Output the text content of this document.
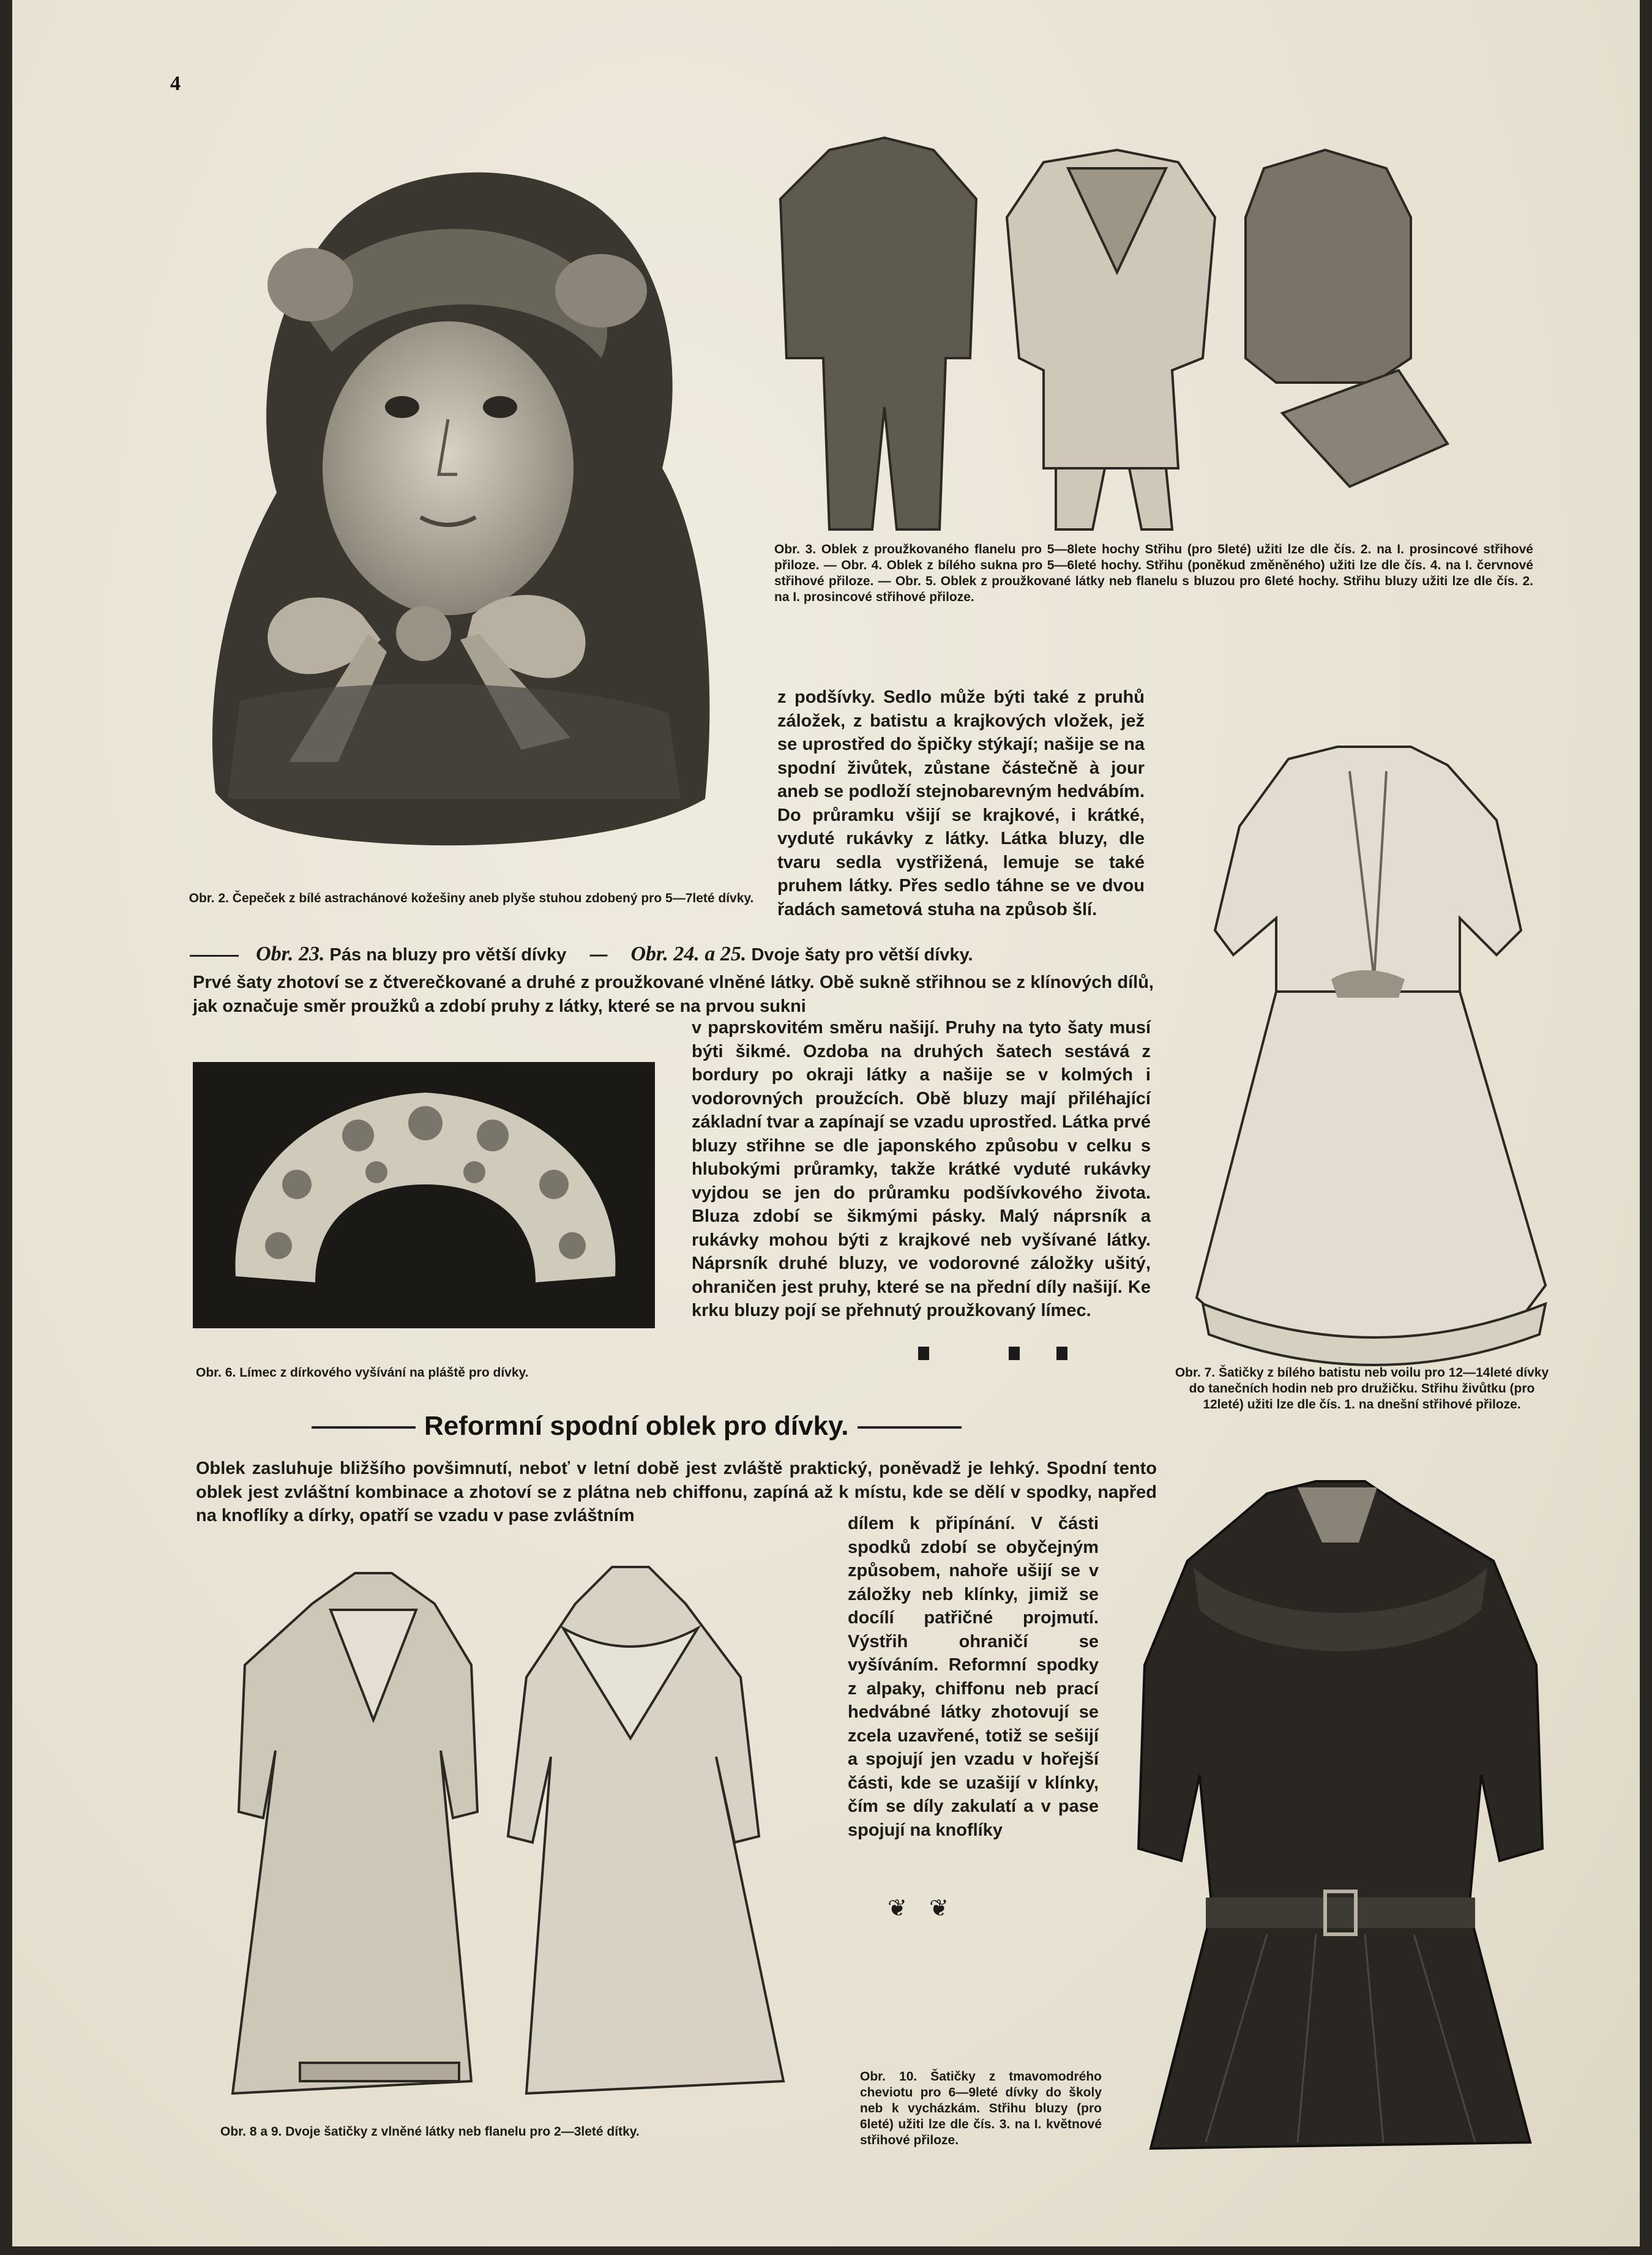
4
Obr. 3. Oblek z proužkovaného flanelu pro 5—8lete hochy Střihu (pro 5leté) užiti lze dle čís. 2. na I. prosincové střihové přiloze. — Obr. 4. Oblek z bílého sukna pro 5—6leté hochy. Střihu (poněkud změněného) užiti lze dle čís. 4. na I. červnové střihové přiloze. — Obr. 5. Oblek z proužkované látky neb flanelu s bluzou pro 6leté hochy. Střihu bluzy užiti lze dle čís. 2. na I. prosincové střihové přiloze.
Obr. 2. Čepeček z bílé astrachánové kožešiny aneb plyše stuhou zdobený pro 5—7leté dívky.
z podšívky. Sedlo může býti také z pruhů záložek, z batistu a krajkových vložek, jež se uprostřed do špičky stýkají; našije se na spodní živůtek, zůstane částečně à jour aneb se podloží stejnobarevným hedvábím. Do průramku všijí se krajkové, i krátké, vyduté rukávky z látky. Látka bluzy, dle tvaru sedla vystřižená, lemuje se také pruhem látky. Přes sedlo táhne se ve dvou řadách sametová stuha na způsob šlí.
Obr. 7. Šatičky z bílého batistu neb voilu pro 12—14leté dívky do tanečních hodin neb pro družičku. Střihu živůtku (pro 12leté) užiti lze dle čís. 1. na dnešní střihové přiloze.
Obr. 23. Pás na bluzy pro větší dívky — Obr. 24. a 25. Dvoje šaty pro větší dívky.
Prvé šaty zhotoví se z čtverečkované a druhé z proužkované vlněné látky. Obě sukně střihnou se z klínových dílů, jak označuje směr proužků a zdobí pruhy z látky, které se na prvou sukni
Obr. 6. Límec z dírkového vyšívání na pláště pro dívky.
v paprskovitém směru našijí. Pruhy na tyto šaty musí býti šikmé. Ozdoba na druhých šatech sestává z bordury po okraji látky a našije se v kolmých i vodorovných proužcích. Obě bluzy mají přiléhající základní tvar a zapínají se vzadu uprostřed. Látka prvé bluzy střihne se dle japonského způsobu v celku s hlubokými průramky, takže krátké vyduté rukávky vyjdou se jen do průramku podšívkového života. Bluza zdobí se šikmými pásky. Malý náprsník a rukávky mohou býti z krajkové neb vyšívané látky. Náprsník druhé bluzy, ve vodorovné záložky ušitý, ohraničen jest pruhy, které se na přední díly našijí. Ke krku bluzy pojí se přehnutý proužkovaný límec.
Reformní spodní oblek pro dívky.
Oblek zasluhuje bližšího povšimnutí, neboť v letní době jest zvláště praktický, poněvadž je lehký. Spodní tento oblek jest zvláštní kombinace a zhotoví se z plátna neb chiffonu, zapíná až k místu, kde se dělí v spodky, napřed na knoflíky a dírky, opatří se vzadu v pase zvláštním	dílem k připínání. V části spodků zdobí se obyčejným způsobem, nahoře ušijí se v záložky neb klínky, jimiž se docílí patřičné projmutí. Výstřih ohraničí se vyšíváním. Reformní spodky z alpaky, chiffonu neb prací hedvábné látky zhotovují se zcela uzavřené, totiž se sešijí a spojují jen vzadu v hořejší části, kde se uzašijí v klínky, čím se díly zakulatí a v pase spojují na knoflíky
❦   ❦
Obr. 8 a 9. Dvoje šatičky z vlněné látky neb flanelu pro 2—3leté dítky.
Obr. 10. Šatičky z tmavomodrého cheviotu pro 6—9leté dívky do školy neb k vycházkám. Střihu bluzy (pro 6leté) užiti lze dle čís. 3. na I. květnové střihové přiloze.
